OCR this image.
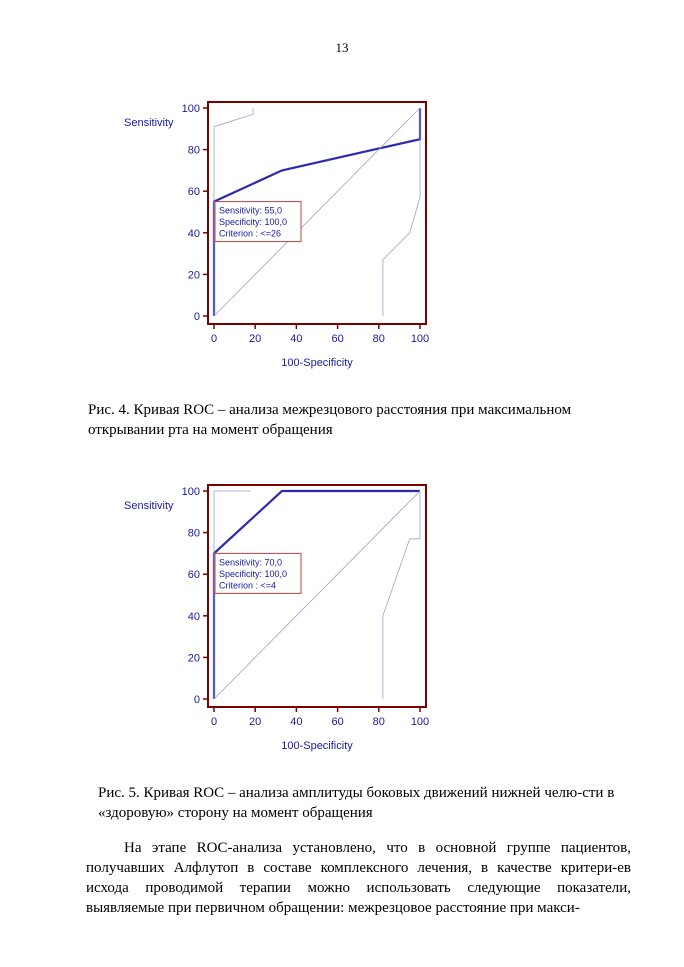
13
0
20
40
60
80
100
0	20	40	60	80 100
Sensitivity
100-Specificity
Sensitivity: 55,0
Specificity: 100,0
Criterion : <=26
Рис. 4. Кривая ROC – анализа межрезцового расстояния при максимальном открывании рта на момент обращения
0
20
40
60
80
100
0	20	40	60	80 100
Sensitivity
100-Specificity
Sensitivity: 70,0
Specificity: 100,0
Criterion : <=4
Рис. 5. Кривая ROC – анализа амплитуды боковых движений нижней челю-сти в «здоровую» сторону на момент обращения
На этапе ROC-анализа установлено, что в основной группе пациентов, получавших Алфлутоп в составе комплексного лечения, в качестве критери-ев исхода проводимой терапии можно использовать следующие показатели, выявляемые при первичном обращении: межрезцовое расстояние при макси-
